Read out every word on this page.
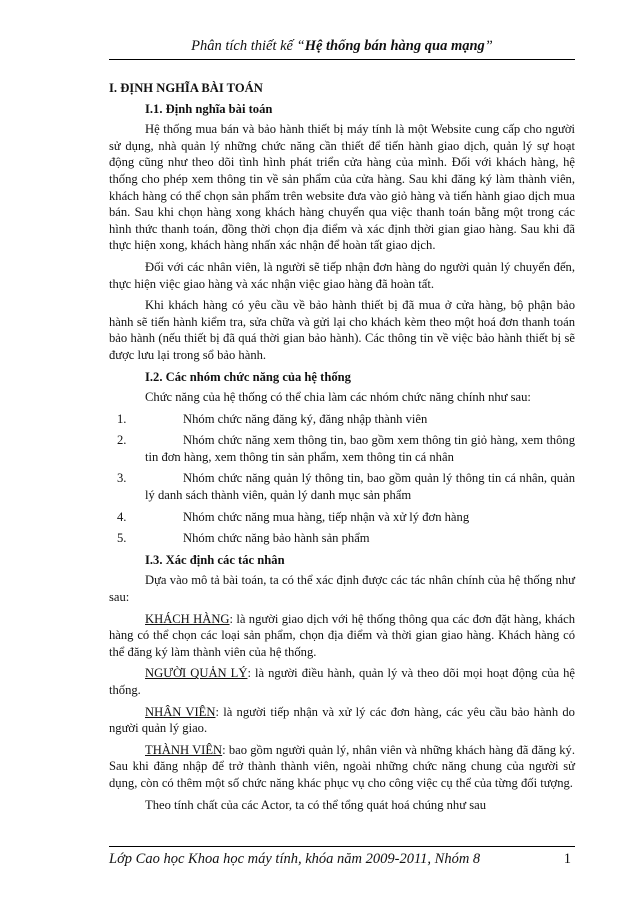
Phân tích thiết kế “Hệ thống bán hàng qua mạng”
I. ĐỊNH NGHĨA BÀI TOÁN
I.1. Định nghĩa bài toán

Hệ thống mua bán và bảo hành thiết bị máy tính là một Website cung cấp cho người sử dụng, nhà quản lý những chức năng cần thiết để tiến hành giao dịch, quản lý sự hoạt động cũng như theo dõi tình hình phát triển cửa hàng của mình. Đối với khách hàng, hệ thống cho phép xem thông tin về sản phẩm của cửa hàng. Sau khi đăng ký làm thành viên, khách hàng có thể chọn sản phẩm trên website đưa vào giỏ hàng và tiến hành giao dịch mua bán. Sau khi chọn hàng xong khách hàng chuyển qua việc thanh toán bằng một trong các hình thức thanh toán, đồng thời chọn địa điểm và xác định thời gian giao hàng. Sau khi đã thực hiện xong, khách hàng nhấn xác nhận để hoàn tất giao dịch.

Đối với các nhân viên, là người sẽ tiếp nhận đơn hàng do người quản lý chuyển đến, thực hiện việc giao hàng và xác nhận việc giao hàng đã hoàn tất.

Khi khách hàng có yêu cầu về bảo hành thiết bị đã mua ở cửa hàng, bộ phận bảo hành sẽ tiến hành kiểm tra, sửa chữa và gửi lại cho khách kèm theo một hoá đơn thanh toán bảo hành (nếu thiết bị đã quá thời gian bảo hành). Các thông tin về việc bảo hành thiết bị sẽ được lưu lại trong sổ bảo hành.

I.2. Các nhóm chức năng của hệ thống

Chức năng của hệ thống có thể chia làm các nhóm chức năng chính như sau:

1.	Nhóm chức năng đăng ký, đăng nhập thành viên
2.	Nhóm chức năng xem thông tin, bao gồm xem thông tin giỏ hàng, xem thông tin đơn hàng, xem thông tin sản phẩm, xem thông tin cá nhân
3.	Nhóm chức năng quản lý thông tin, bao gồm quản lý thông tin cá nhân, quản lý danh sách thành viên, quản lý danh mục sản phẩm
4.	Nhóm chức năng mua hàng, tiếp nhận và xử lý đơn hàng
5.	Nhóm chức năng bảo hành sản phẩm
I.3. Xác định các tác nhân

Dựa vào mô tả bài toán, ta có thể xác định được các tác nhân chính của hệ thống như sau:

KHÁCH HÀNG: là người giao dịch với hệ thống thông qua các đơn đặt hàng, khách hàng có thể chọn các loại sản phẩm, chọn địa điểm và thời gian giao hàng. Khách hàng có thể đăng ký làm thành viên của hệ thống.

NGƯỜI QUẢN LÝ: là người điều hành, quản lý và theo dõi mọi hoạt động của hệ thống.

NHÂN VIÊN: là người tiếp nhận và xử lý các đơn hàng, các yêu cầu bảo hành do người quản lý giao.

THÀNH VIÊN: bao gồm người quản lý, nhân viên và những khách hàng đã đăng ký. Sau khi đăng nhập để trở thành thành viên, ngoài những chức năng chung của người sử dụng, còn có thêm một số chức năng khác phục vụ cho công việc cụ thể của từng đối tượng.

Theo tính chất của các Actor, ta có thể tổng quát hoá chúng như sau

Lớp Cao học Khoa học máy tính, khóa năm 2009-2011, Nhóm 8	1
